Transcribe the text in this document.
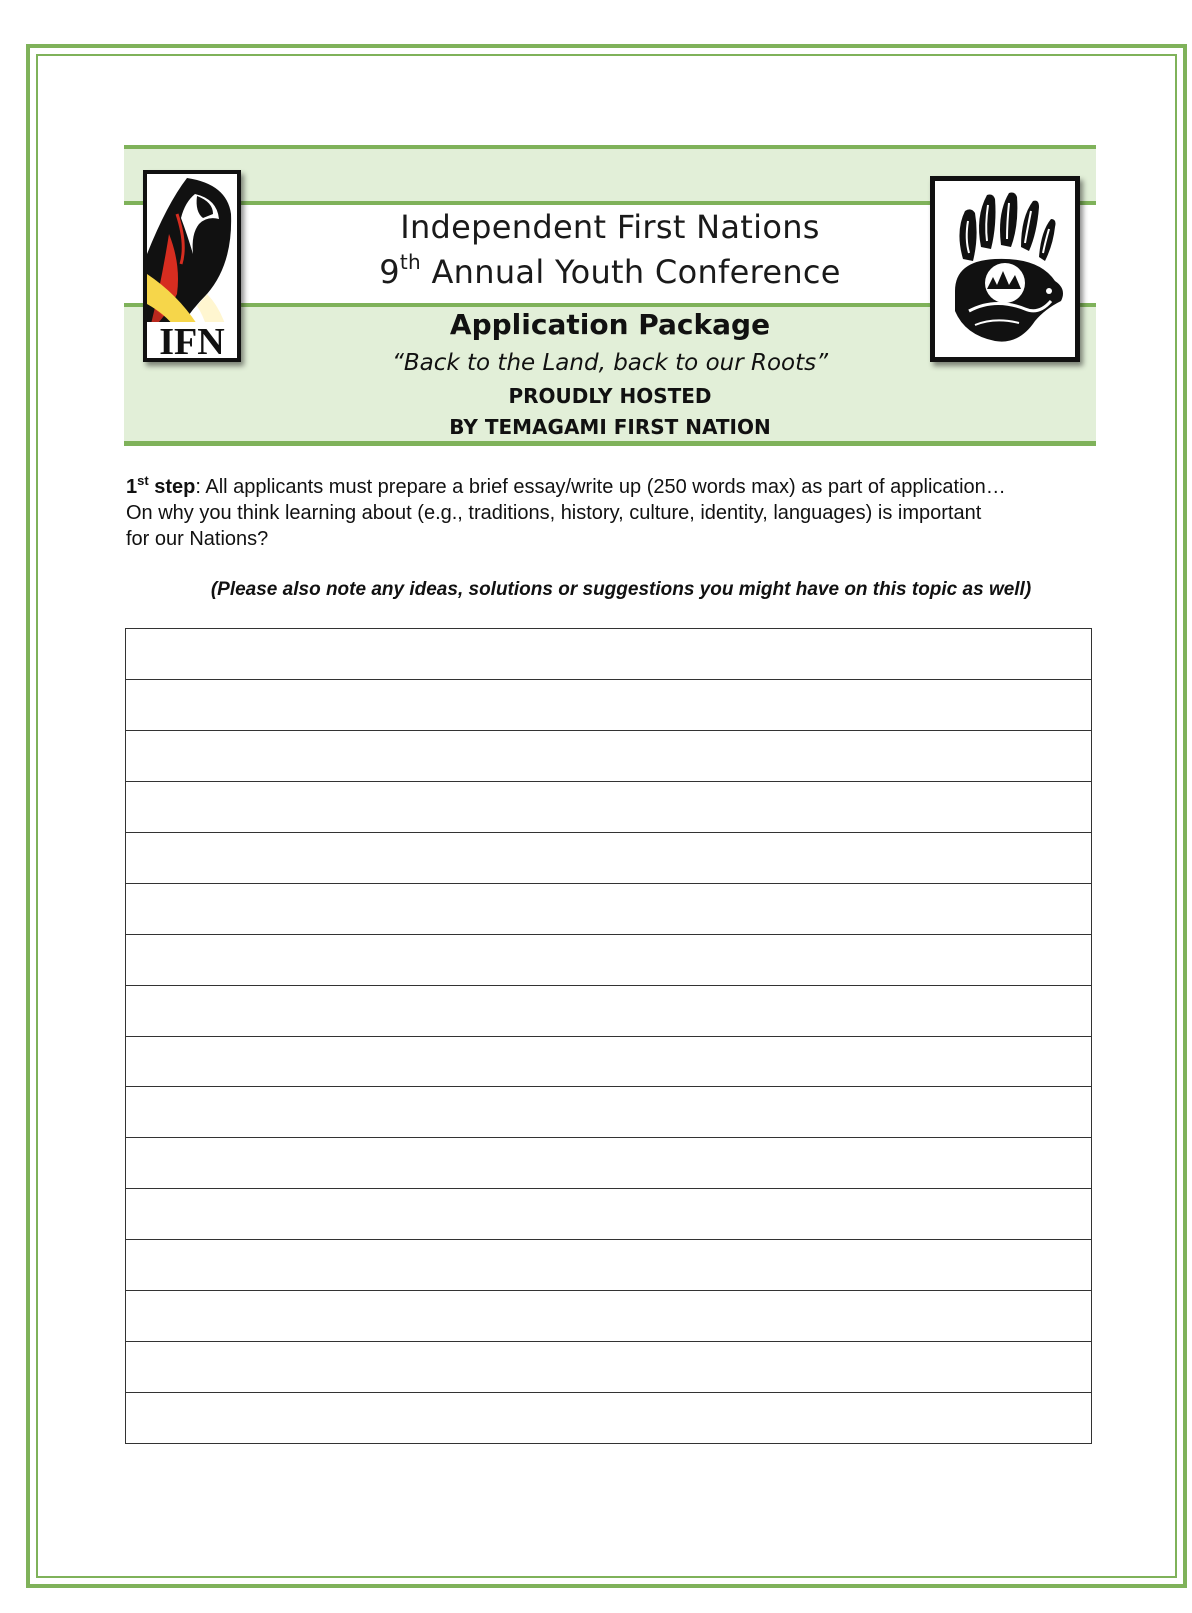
IFN
Independent First Nations
9th Annual Youth Conference
Application Package
“Back to the Land, back to our Roots”
PROUDLY HOSTED
BY TEMAGAMI FIRST NATION
1st step: All applicants must prepare a brief essay/write up (250 words max) as part of application… On why you think learning about (e.g., traditions, history, culture, identity, languages) is important for our Nations?
(Please also note any ideas, solutions or suggestions you might have on this topic as well)
